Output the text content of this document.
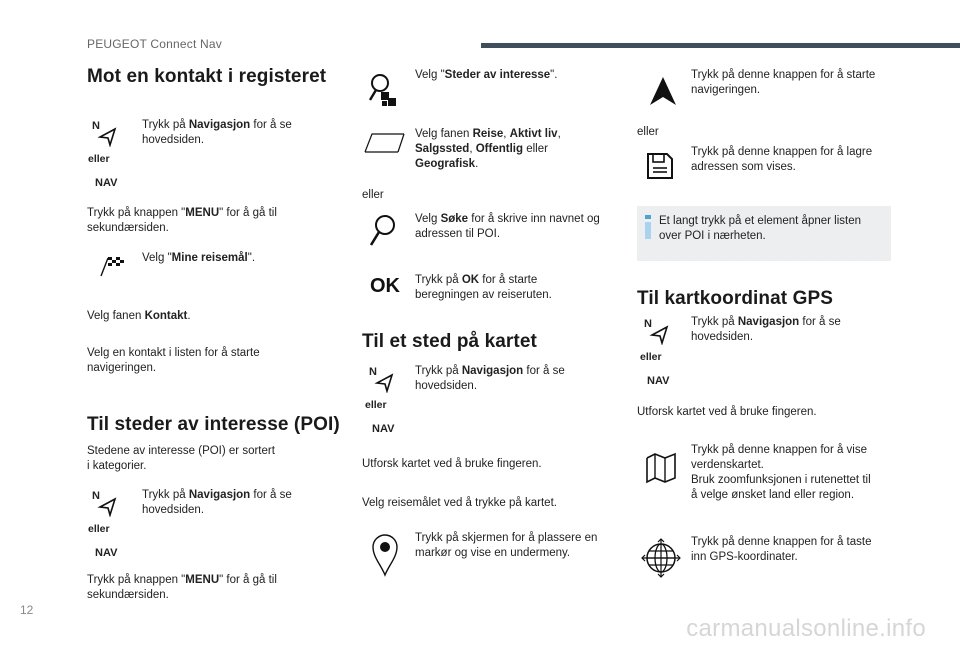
PEUGEOT Connect Nav
Mot en kontakt i registeret
N
eller
NAV
Trykk på Navigasjon for å se
hovedsiden.
Trykk på knappen "MENU" for å gå til
sekundærsiden.
Velg "Mine reisemål".
Velg fanen Kontakt.
Velg en kontakt i listen for å starte
navigeringen.
Til steder av interesse (POI)
Stedene av interesse (POI) er sortert
i kategorier.
N
eller
NAV
Trykk på Navigasjon for å se
hovedsiden.
Trykk på knappen "MENU" for å gå til
sekundærsiden.
Velg "Steder av interesse".
Velg fanen Reise, Aktivt liv,
Salgssted, Offentlig eller
Geografisk.
eller
Velg Søke for å skrive inn navnet og
adressen til POI.
OK Trykk på OK for å starte
beregningen av reiseruten.
Til et sted på kartet
N
eller
NAV
Trykk på Navigasjon for å se
hovedsiden.
Utforsk kartet ved å bruke fingeren.
Velg reisemålet ved å trykke på kartet.
Trykk på skjermen for å plassere en
markør og vise en undermeny.
Trykk på denne knappen for å starte
navigeringen.
eller
Trykk på denne knappen for å lagre
adressen som vises.
Et langt trykk på et element åpner listen
over POI i nærheten.
Til kartkoordinat GPS
N
eller
NAV
Trykk på Navigasjon for å se
hovedsiden.
Utforsk kartet ved å bruke fingeren.
Trykk på denne knappen for å vise
verdenskartet.
Bruk zoomfunksjonen i rutenettet til
å velge ønsket land eller region.
Trykk på denne knappen for å taste
inn GPS-koordinater.
12
carmanualsonline.info
